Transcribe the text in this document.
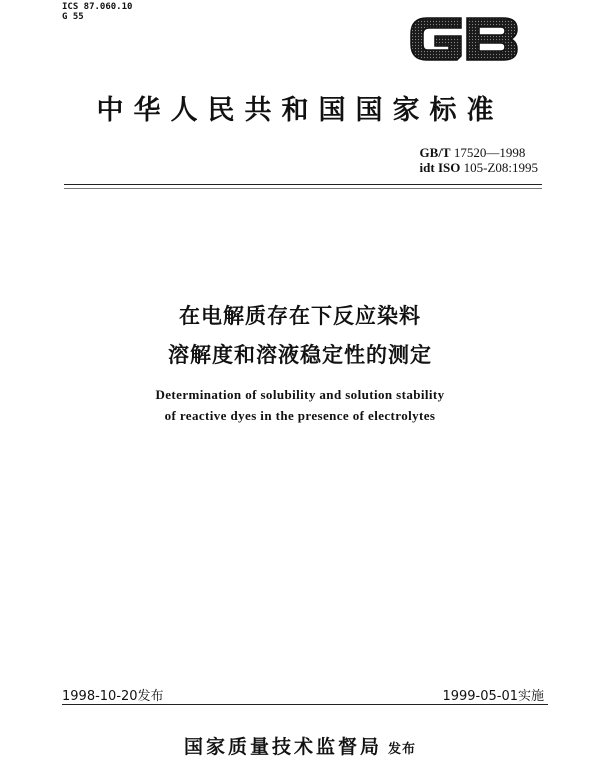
ICS 87.060.10
G 55
中华人民共和国国家标准
GB/T 17520—1998
idt ISO 105-Z08:1995
在电解质存在下反应染料
溶解度和溶液稳定性的测定
Determination of solubility and solution stability
of reactive dyes in the presence of electrolytes
1998-10-20发布	1999-05-01实施
国家质量技术监督局 发布
